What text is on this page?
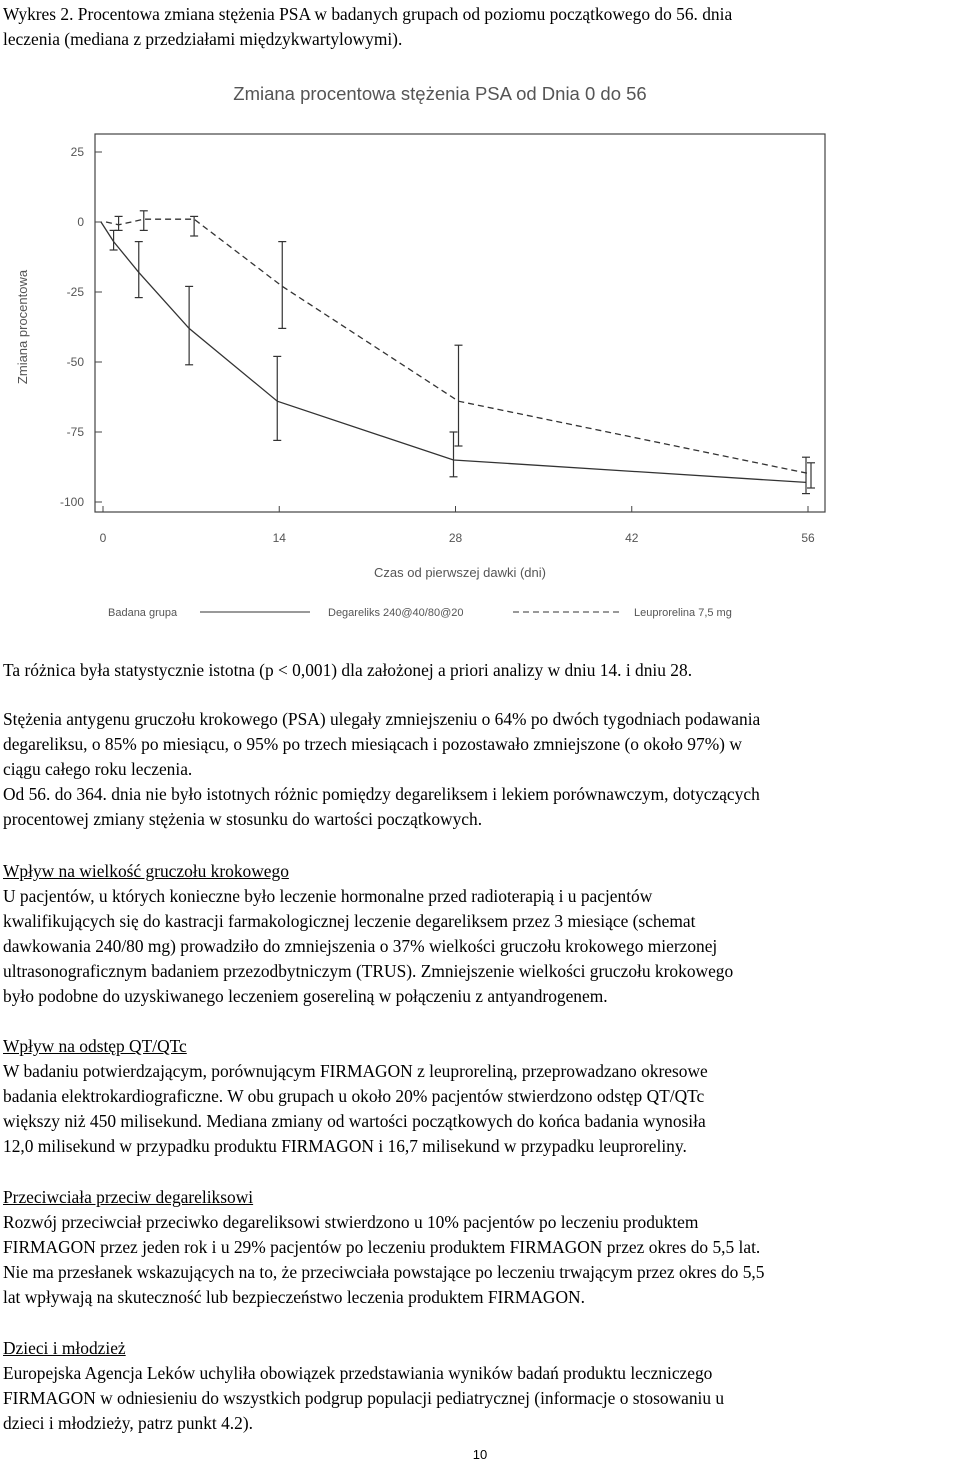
Wykres 2. Procentowa zmiana stężenia PSA w badanych grupach od poziomu początkowego do 56. dnia
leczenia (mediana z przedziałami międzykwartylowymi).

Zmiana procentowa stężenia PSA od Dnia 0 do 56
Zmiana procentowa
Czas od pierwszej dawki (dni)
25
0
-25
-50
-75
-100
0	14	28	42	56
Badana grupa	Degareliks 240@40/80@20	Leuprorelina 7,5 mg

Ta różnica była statystycznie istotna (p < 0,001) dla założonej a priori analizy w dniu 14. i dniu 28.

Stężenia antygenu gruczołu krokowego (PSA) ulegały zmniejszeniu o 64% po dwóch tygodniach podawania
degareliksu, o 85% po miesiącu, o 95% po trzech miesiącach i pozostawało zmniejszone (o około 97%) w
ciągu całego roku leczenia.
Od 56. do 364. dnia nie było istotnych różnic pomiędzy degareliksem i lekiem porównawczym, dotyczących
procentowej zmiany stężenia w stosunku do wartości początkowych.

Wpływ na wielkość gruczołu krokowego
U pacjentów, u których konieczne było leczenie hormonalne przed radioterapią i u pacjentów
kwalifikujących się do kastracji farmakologicznej leczenie degareliksem przez 3 miesiące (schemat
dawkowania 240/80 mg) prowadziło do zmniejszenia o 37% wielkości gruczołu krokowego mierzonej
ultrasonograficznym badaniem przezodbytniczym (TRUS). Zmniejszenie wielkości gruczołu krokowego
było podobne do uzyskiwanego leczeniem gosereliną w połączeniu z antyandrogenem.

Wpływ na odstęp QT/QTc
W badaniu potwierdzającym, porównującym FIRMAGON z leuproreliną, przeprowadzano okresowe
badania elektrokardiograficzne. W obu grupach u około 20% pacjentów stwierdzono odstęp QT/QTc
większy niż 450 milisekund. Mediana zmiany od wartości początkowych do końca badania wynosiła
12,0 milisekund w przypadku produktu FIRMAGON i 16,7 milisekund w przypadku leuproreliny.

Przeciwciała przeciw degareliksowi
Rozwój przeciwciał przeciwko degareliksowi stwierdzono u 10% pacjentów po leczeniu produktem
FIRMAGON przez jeden rok i u 29% pacjentów po leczeniu produktem FIRMAGON przez okres do 5,5 lat.
Nie ma przesłanek wskazujących na to, że przeciwciała powstające po leczeniu trwającym przez okres do 5,5
lat wpływają na skuteczność lub bezpieczeństwo leczenia produktem FIRMAGON.

Dzieci i młodzież
Europejska Agencja Leków uchyliła obowiązek przedstawiania wyników badań produktu leczniczego
FIRMAGON w odniesieniu do wszystkich podgrup populacji pediatrycznej (informacje o stosowaniu u
dzieci i młodzieży, patrz punkt 4.2).

10
